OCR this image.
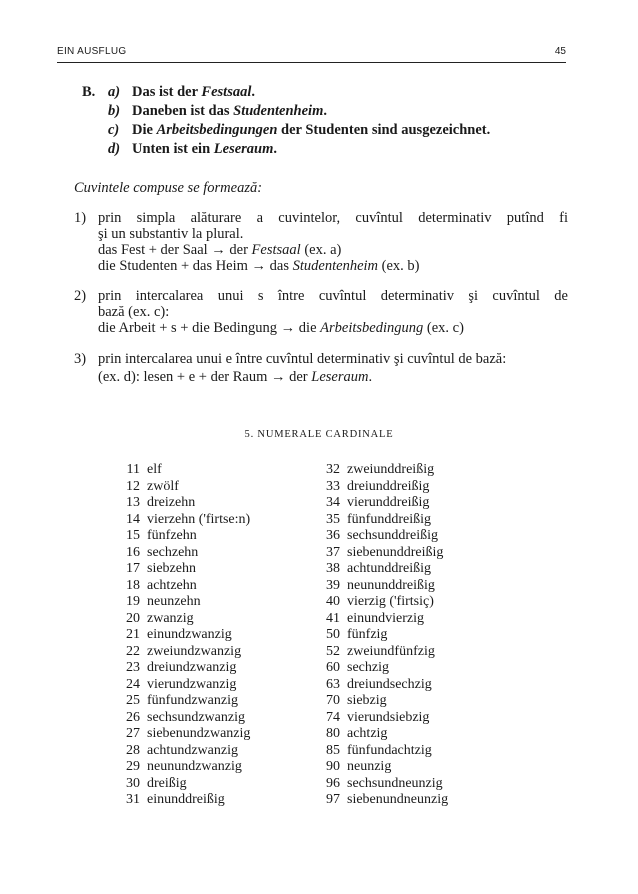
EIN AUSFLUG	45
B. a) Das ist der Festsaal.
b) Daneben ist das Studentenheim.
c) Die Arbeitsbedingungen der Studenten sind ausgezeichnet.
d) Unten ist ein Leseraum.
Cuvintele compuse se formează:
1) prin simpla alăturare a cuvintelor, cuvîntul determinativ putînd fi
şi un substantiv la plural.
das Fest + der Saal → der Festsaal (ex. a)
die Studenten + das Heim → das Studentenheim (ex. b)
2) prin intercalarea unui s între cuvîntul determinativ şi cuvîntul de
bază (ex. c):
die Arbeit + s + die Bedingung → die Arbeitsbedingung (ex. c)
3) prin intercalarea unui e între cuvîntul determinativ şi cuvîntul de bază:
(ex. d): lesen + e + der Raum → der Leseraum.
5. NUMERALE CARDINALE
11 elf
12 zwölf
13 dreizehn
14 vierzehn ('firtse:n)
15 fünfzehn
16 sechzehn
17 siebzehn
18 achtzehn
19 neunzehn
20 zwanzig
21 einundzwanzig
22 zweiundzwanzig
23 dreiundzwanzig
24 vierundzwanzig
25 fünfundzwanzig
26 sechsundzwanzig
27 siebenundzwanzig
28 achtundzwanzig
29 neunundzwanzig
30 dreißig
31 einunddreißig
32 zweiunddreißig
33 dreiunddreißig
34 vierunddreißig
35 fünfunddreißig
36 sechsunddreißig
37 siebenunddreißig
38 achtunddreißig
39 neununddreißig
40 vierzig ('firtsiç)
41 einundvierzig
50 fünfzig
52 zweiundfünfzig
60 sechzig
63 dreiundsechzig
70 siebzig
74 vierundsiebzig
80 achtzig
85 fünfundachtzig
90 neunzig
96 sechsundneunzig
97 siebenundneunzig
